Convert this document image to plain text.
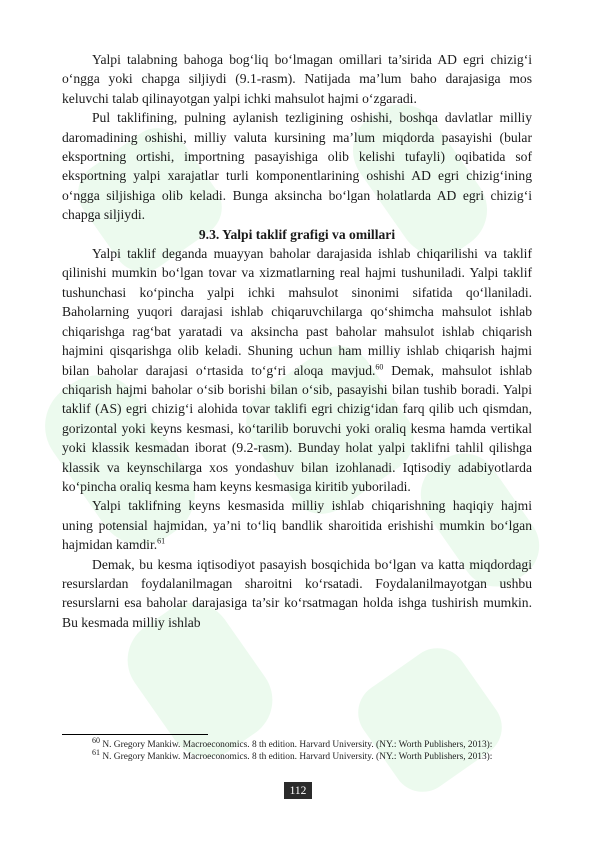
Yalpi talabning bahoga bog‘liq bo‘lmagan omillari ta’sirida AD egri chizig‘i o‘ngga yoki chapga siljiydi (9.1-rasm). Natijada ma’lum baho darajasiga mos keluvchi talab qilinayotgan yalpi ichki mahsulot hajmi o‘zgaradi.

Pul taklifining, pulning aylanish tezligining oshishi, boshqa davlatlar milliy daromadining oshishi, milliy valuta kursining ma’lum miqdorda pasayishi (bular eksportning ortishi, importning pasayishiga olib kelishi tufayli) oqibatida sof eksportning yalpi xarajatlar turli komponentlarining oshishi AD egri chizig‘ining o‘ngga siljishiga olib keladi. Bunga aksincha bo‘lgan holatlarda AD egri chizig‘i chapga siljiydi.

9.3. Yalpi taklif grafigi va omillari

Yalpi taklif deganda muayyan baholar darajasida ishlab chiqarilishi va taklif qilinishi mumkin bo‘lgan tovar va xizmatlarning real hajmi tushuniladi. Yalpi taklif tushunchasi ko‘pincha yalpi ichki mahsulot sinonimi sifatida qo‘llaniladi. Baholarning yuqori darajasi ishlab chiqaruvchilarga qo‘shimcha mahsulot ishlab chiqarishga rag‘bat yaratadi va aksincha past baholar mahsulot ishlab chiqarish hajmini qisqarishga olib keladi. Shuning uchun ham milliy ishlab chiqarish hajmi bilan baholar darajasi o‘rtasida to‘g‘ri aloqa mavjud.$^{60}$ Demak, mahsulot ishlab chiqarish hajmi baholar o‘sib borishi bilan o‘sib, pasayishi bilan tushib boradi. Yalpi taklif (AS) egri chizig‘i alohida tovar taklifi egri chizig‘idan farq qilib uch qismdan, gorizontal yoki keyns kesmasi, ko‘tarilib boruvchi yoki oraliq kesma hamda vertikal yoki klassik kesmadan iborat (9.2-rasm). Bunday holat yalpi taklifni tahlil qilishga klassik va keynschilarga xos yondashuv bilan izohlanadi. Iqtisodiy adabiyotlarda ko‘pincha oraliq kesma ham keyns kesmasiga kiritib yuboriladi.

Yalpi taklifning keyns kesmasida milliy ishlab chiqarishning haqiqiy hajmi uning potensial hajmidan, ya’ni to‘liq bandlik sharoitida erishishi mumkin bo‘lgan hajmidan kamdir.$^{61}$

Demak, bu kesma iqtisodiyot pasayish bosqichida bo‘lgan va katta miqdordagi resurslardan foydalanilmagan sharoitni ko‘rsatadi. Foydalanilmayotgan ushbu resurslarni esa baholar darajasiga ta’sir ko‘rsatmagan holda ishga tushirish mumkin. Bu kesmada milliy ishlab

$^{60}$ N. Gregory Mankiw. Macroeconomics. 8 th edition. Harvard University. (NY.: Worth Publishers, 2013):
$^{61}$ N. Gregory Mankiw. Macroeconomics. 8 th edition. Harvard University. (NY.: Worth Publishers, 2013):
112
